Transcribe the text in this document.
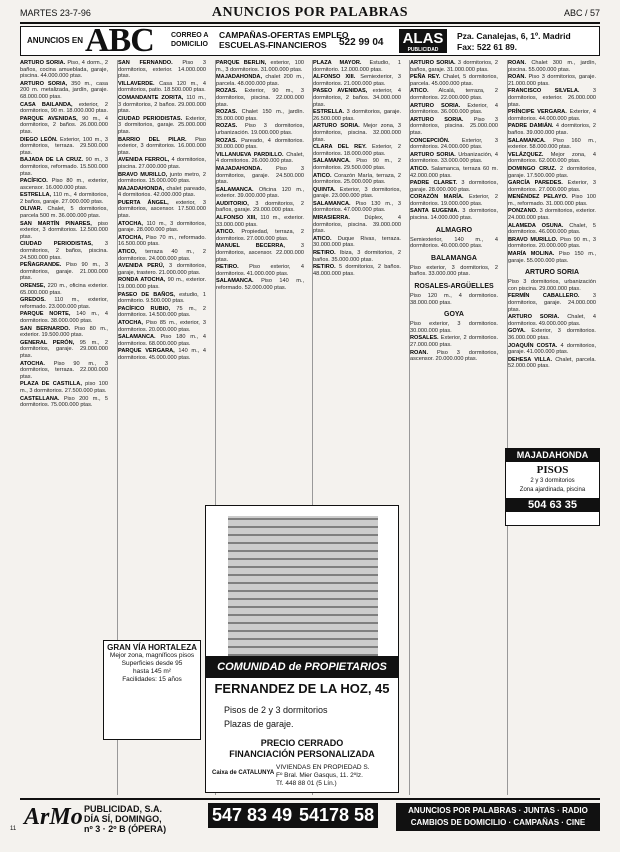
MARTES 23-7-96	ANUNCIOS POR PALABRAS	ABC / 57
ANUNCIOS EN ABC CORREO A
DOMICILIO
CAMPAÑAS-OFERTAS EMPLEO ESCUELAS-FINANCIEROS	522 99 04 ALAS
PUBLICIDAD
Pza. Canalejas, 6, 1º. Madrid
Fax: 522 61 89.

ARTURO SORIA. Piso, 4 dorm., 2 baños, cocina amueblada, garaje, piscina. 44.000.000 ptas.

ARTURO SORIA, 350 m., casa 200 m. metalizada, jardín, garaje. 68.000.000 ptas.

CASA BAILANDA, exterior, 2 dormitorios, 90 m. 18.000.000 ptas.

PARQUE AVENIDAS, 90 m., 4 dormitorios, 2 baños. 26.000.000 ptas.

DIEGO LEÓN. Exterior, 100 m., 3 dormitorios, terraza. 29.500.000 ptas.

BAJADA DE LA CRUZ. 90 m., 3 dormitorios, reformado. 15.500.000 ptas.

PACÍFICO. Piso 80 m., exterior, ascensor. 16.000.000 ptas.

ESTRELLA, 110 m., 4 dormitorios, 2 baños, garaje. 27.000.000 ptas.

OLIVAR. Chalet, 5 dormitorios, parcela 500 m. 36.000.000 ptas.

SAN MARTÍN PINARES, piso exterior, 3 dormitorios. 12.500.000 ptas.

CIUDAD PERIODISTAS, 3 dormitorios, 2 baños, piscina. 24.500.000 ptas.

PEÑAGRANDE. Piso 90 m., 3 dormitorios, garaje. 21.000.000 ptas.

ORENSE, 220 m., oficina exterior. 65.000.000 ptas.

GREDOS. 110 m., exterior, reformado. 23.000.000 ptas.

PARQUE NORTE, 140 m., 4 dormitorios. 38.000.000 ptas.

SAN BERNARDO. Piso 80 m., exterior. 19.500.000 ptas.

GENERAL PERÓN, 95 m., 2 dormitorios, garaje. 29.000.000 ptas.

ATOCHA. Piso 90 m., 3 dormitorios, terraza. 22.000.000 ptas.

PLAZA DE CASTILLA, piso 100 m., 3 dormitorios. 27.500.000 ptas.

CASTELLANA. Piso 200 m., 5 dormitorios. 75.000.000 ptas.

SAN FERNANDO. Piso 3 dormitorios, exterior. 14.000.000 ptas.

VILLAVERDE. Casa 120 m., 4 dormitorios, patio. 18.500.000 ptas.

COMANDANTE ZORITA, 110 m., 3 dormitorios, 2 baños. 29.000.000 ptas.

CIUDAD PERIODISTAS. Exterior, 3 dormitorios, garaje. 25.000.000 ptas.

BARRIO DEL PILAR. Piso exterior, 3 dormitorios. 16.000.000 ptas.

AVENIDA FERROL, 4 dormitorios, piscina. 27.000.000 ptas.

BRAVO MURILLO, junto metro, 2 dormitorios. 15.000.000 ptas.

MAJADAHONDA, chalet pareado, 4 dormitorios. 42.000.000 ptas.

PUERTA ÁNGEL, exterior, 3 dormitorios, ascensor. 17.500.000 ptas.

ATOCHA, 110 m., 3 dormitorios, garaje. 28.000.000 ptas.

ATOCHA, Piso 70 m., reformado. 16.500.000 ptas.

ATICO, terraza 40 m., 2 dormitorios. 24.000.000 ptas.

AVENIDA PERÚ, 3 dormitorios, garaje, trastero. 21.000.000 ptas.

RONDA ATOCHA, 90 m., exterior. 19.000.000 ptas.

PASEO DE BAÑOS, estudio, 1 dormitorio. 9.500.000 ptas.

PACÍFICO RUBIO, 75 m., 2 dormitorios. 14.500.000 ptas.

ATOCHA, Piso 85 m., exterior, 3 dormitorios. 20.000.000 ptas.

SALAMANCA. Piso 180 m., 4 dormitorios. 68.000.000 ptas.

PARQUE VERGARA, 140 m., 4 dormitorios. 45.000.000 ptas.

PARQUE BERLÍN, exterior, 100 m., 3 dormitorios. 31.000.000 ptas.

MAJADAHONDA, chalet 200 m., parcela. 48.000.000 ptas.

ROZAS. Exterior, 90 m., 3 dormitorios, piscina. 22.000.000 ptas.

ROZAS. Chalet 150 m., jardín. 35.000.000 ptas.

ROZAS. Piso 3 dormitorios, urbanización. 19.000.000 ptas.

ROZAS. Pareado, 4 dormitorios. 30.000.000 ptas.

VILLANUEVA PARDILLO. Chalet, 4 dormitorios. 26.000.000 ptas.

MAJADAHONDA.	Piso 3 dormitorios, garaje. 24.500.000 ptas.

SALAMANCA. Oficina 120 m., exterior. 39.000.000 ptas.

AUDITORIO, 3 dormitorios, 2 baños, garaje. 29.000.000 ptas.

ALFONSO XIII, 110 m., exterior. 33.000.000 ptas.

ATICO. Propiedad, terraza, 2 dormitorios. 27.000.000 ptas.

MANUEL BECERRA,	3 dormitorios, ascensor. 22.000.000 ptas.

RETIRO. Piso exterior, 4 dormitorios. 41.000.000 ptas.

SALAMANCA. Piso 140 m., reformado. 52.000.000 ptas.

PLAZA MAYOR. Estudio, 1 dormitorio. 12.000.000 ptas.

ALFONSO XIII. Semiexterior, 3 dormitorios. 21.000.000 ptas.

PASEO AVENIDAS, exterior, 4 dormitorios, 2 baños. 34.000.000 ptas.

ESTRELLA. 3 dormitorios, garaje. 26.500.000 ptas.

ARTURO SORIA. Mejor zona, 3 dormitorios, piscina. 32.000.000 ptas.

CLARA DEL REY. Exterior, 2 dormitorios. 18.000.000 ptas.

SALAMANCA. Piso 90 m., 2 dormitorios. 29.500.000 ptas.

ATICO. Corazón María, terraza, 2 dormitorios. 25.000.000 ptas.

QUINTA. Exterior, 3 dormitorios, garaje. 23.000.000 ptas.

SALAMANCA. Piso 130 m., 3 dormitorios. 47.000.000 ptas.

MIRASIERRA.	Dúplex, 4 dormitorios, piscina. 39.000.000 ptas.

ATICO. Duque Rivas, terraza. 30.000.000 ptas.

RETIRO. Ibiza, 3 dormitorios, 2 baños. 35.000.000 ptas.

RETIRO. 5 dormitorios, 2 baños. 48.000.000 ptas.

ARTURO SORIA. 3 dormitorios, 2 baños, garaje. 31.000.000 ptas.

PEÑA REY. Chalet, 5 dormitorios, parcela. 45.000.000 ptas.

ATICO. Alcalá, terraza, 2 dormitorios. 22.000.000 ptas.

ARTURO SORIA. Exterior, 4 dormitorios. 36.000.000 ptas.

ARTURO SORIA. Piso 3 dormitorios, piscina. 25.000.000 ptas.

CONCEPCIÓN. Exterior, 3 dormitorios. 24.000.000 ptas.

ARTURO SORIA. Urbanización, 4 dormitorios. 33.000.000 ptas.

ATICO. Salamanca, terraza 60 m. 42.000.000 ptas.

PADRE CLARET. 3 dormitorios, garaje. 28.000.000 ptas.

CORAZÓN MARÍA. Exterior, 2 dormitorios. 19.000.000 ptas.

SANTA EUGENIA. 3 dormitorios, piscina. 14.000.000 ptas.

ALMAGRO

Semiexterior, 140 m., 4 dormitorios. 40.000.000 ptas.

BALAMANGA

Piso exterior, 3 dormitorios, 2 baños. 33.000.000 ptas.

ROSALES-ARGÜELLES

Piso 120 m., 4 dormitorios. 38.000.000 ptas.

GOYA

Piso exterior, 3 dormitorios. 30.000.000 ptas.

ROSALES. Exterior, 2 dormitorios. 27.000.000 ptas.

ROAN. Piso 3 dormitorios, ascensor. 20.000.000 ptas.

ROAN. Chalet 300 m., jardín, piscina. 55.000.000 ptas.

ROAN. Piso 3 dormitorios, garaje. 21.000.000 ptas.

FRANCISCO SILVELA. 3 dormitorios, exterior. 26.000.000 ptas.

PRÍNCIPE VERGARA. Exterior, 4 dormitorios. 44.000.000 ptas.

PADRE DAMIÁN. 4 dormitorios, 2 baños. 39.000.000 ptas.

SALAMANCA. Piso 160 m., exterior. 58.000.000 ptas.

VELÁZQUEZ. Mejor zona, 4 dormitorios. 62.000.000 ptas.

DOMINGO CRUZ. 2 dormitorios, garaje. 17.500.000 ptas.

GARCÍA PAREDES. Exterior, 3 dormitorios. 27.000.000 ptas.

MENÉNDEZ PELAYO. Piso 100 m., reformado. 31.000.000 ptas.

PONZANO. 3 dormitorios, exterior. 24.000.000 ptas.

ALAMEDA OSUNA. Chalet, 5 dormitorios. 46.000.000 ptas.

BRAVO MURILLO. Piso 90 m., 3 dormitorios. 20.000.000 ptas.

MARÍA MOLINA. Piso 150 m., garaje. 55.000.000 ptas.

ARTURO SORIA

Piso 3 dormitorios, urbanización con piscina. 29.000.000 ptas.

FERMÍN CABALLERO. 3 dormitorios, garaje. 24.000.000 ptas.

ARTURO SORIA. Chalet, 4 dormitorios. 49.000.000 ptas.

GOYA. Exterior, 3 dormitorios. 36.000.000 ptas.

JOAQUÍN COSTA. 4 dormitorios, garaje. 41.000.000 ptas.

DEHESA VILLA. Chalet, parcela. 52.000.000 ptas.

GRAN VÍA HORTALEZA
Mejor zona, magníficos pisos
Superficies desde 95
hasta 145 m²
Facilidades: 15 años
COMUNIDAD de PROPIETARIOS
FERNANDEZ DE LA HOZ, 45
Pisos de 2 y 3 dormitorios
Plazas de garaje.
PRECIO CERRADO
FINANCIACIÓN PERSONALIZADA
VIVIENDAS EN PROPIEDAD S.
Fº Bral. Mier Gasqus, 11. 2ºIz.
Tf. 448 88 01 (5 Lín.)
Caixa de CATALUNYA
MAJADAHONDA
PISOS
2 y 3 dormitorios
Zona ajardinada, piscina
504 63 35
ArMo PUBLICIDAD, S.A.
DÍA SÍ, DOMINGO,
nº 3 · 2º B (ÓPERA)
547 83 49 54178 58	ANUNCIOS POR PALABRAS · JUNTAS · RADIO
CAMBIOS DE DOMICILIO · CAMPAÑAS · CINE
11
